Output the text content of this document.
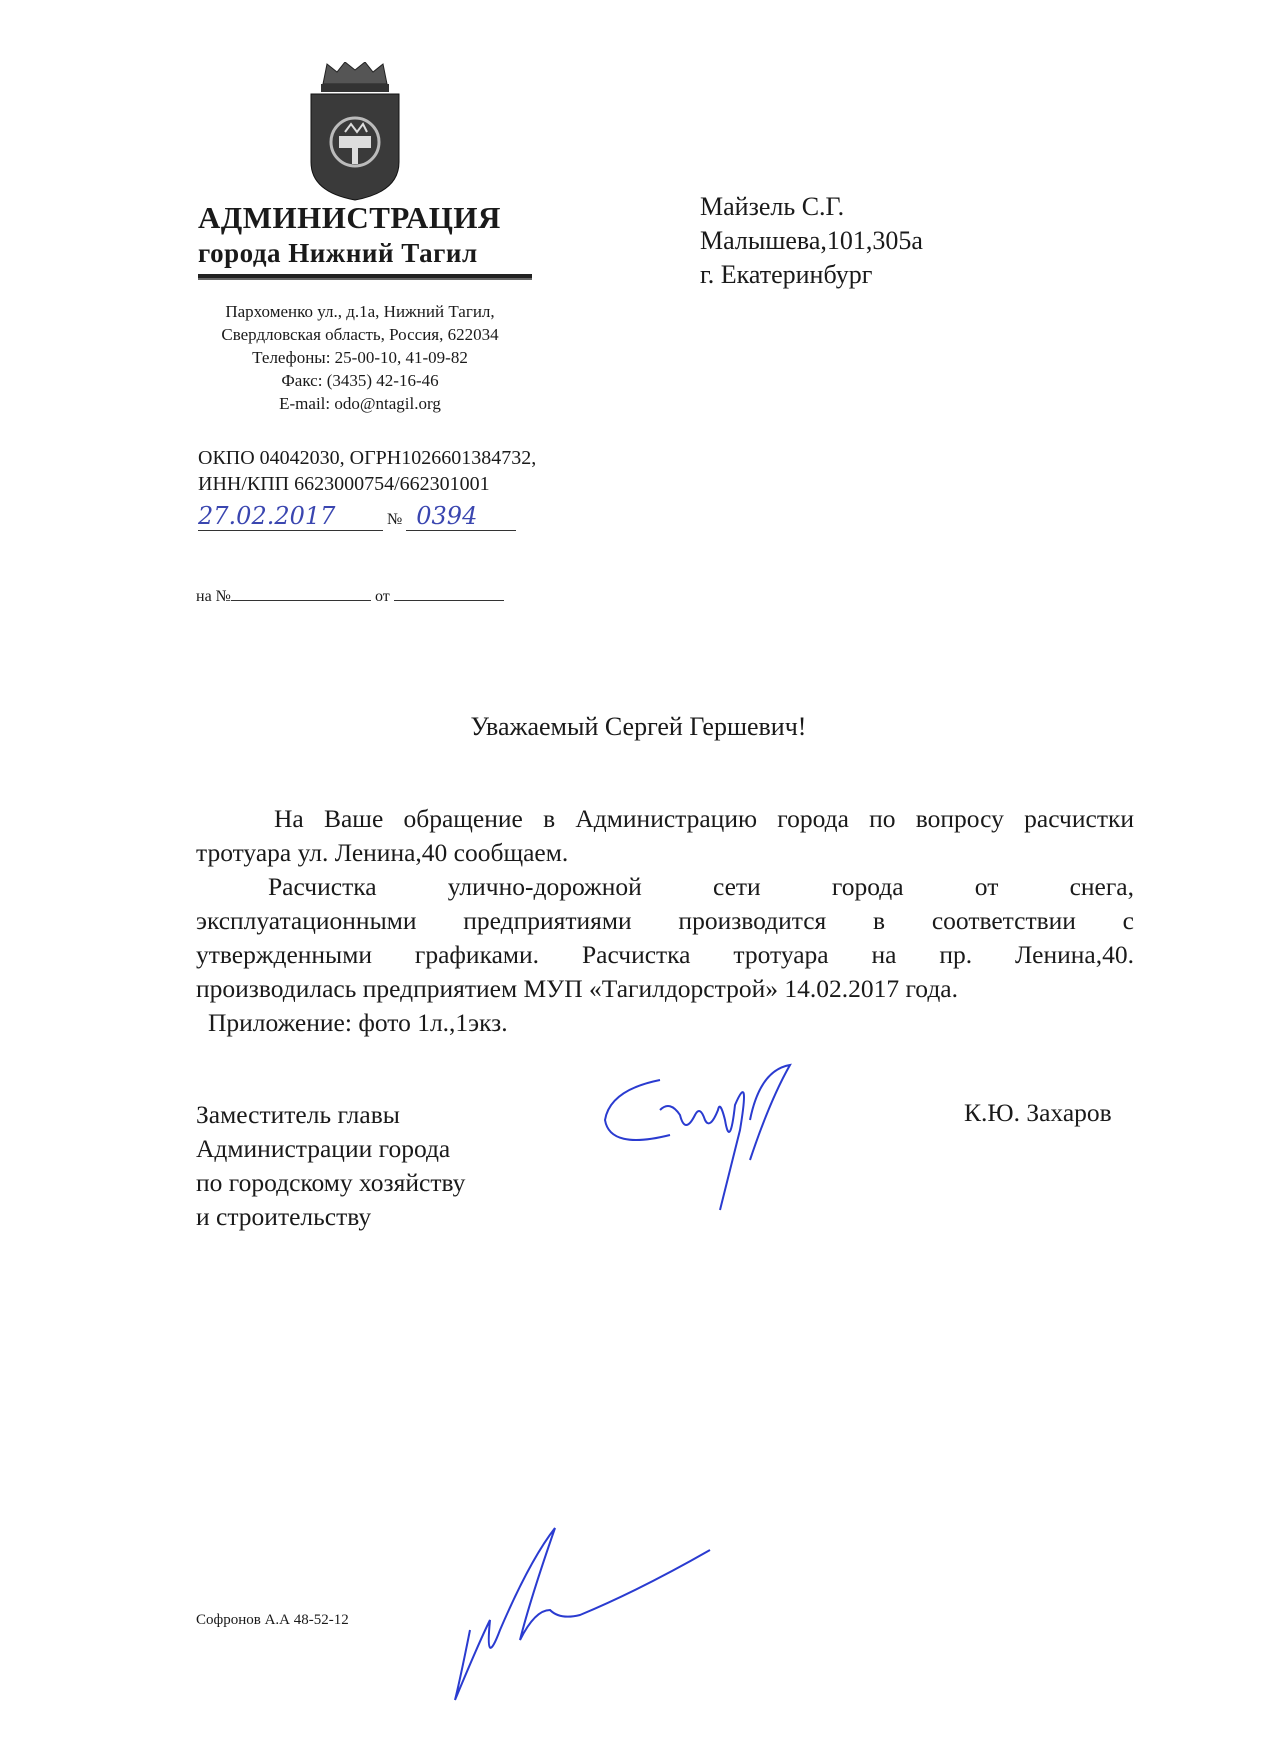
АДМИНИСТРАЦИЯ
города Нижний Тагил
Пархоменко ул., д.1а, Нижний Тагил,
Свердловская область, Россия, 622034
Телефоны: 25-00-10, 41-09-82
Факс: (3435) 42-16-46
E-mail: odo@ntagil.org
ОКПО 04042030, ОГРН1026601384732,
ИНН/КПП 6623000754/662301001
27.02.2017	№ 0394
на №	от
Майзель С.Г.
Малышева,101,305а
г. Екатеринбург
Уважаемый Сергей Гершевич!
На Ваше обращение в Администрацию города по вопросу расчистки
тротуара ул. Ленина,40 сообщаем.
Расчистка улично-дорожной сети города от снега,
эксплуатационными предприятиями производится в соответствии с
утвержденными графиками. Расчистка тротуара на пр. Ленина,40.
производилась предприятием МУП «Тагилдорстрой» 14.02.2017 года.
Приложение: фото 1л.,1экз.
Заместитель главы
Администрации города
по городскому хозяйству
и строительству
К.Ю. Захаров
Софронов А.А 48-52-12
